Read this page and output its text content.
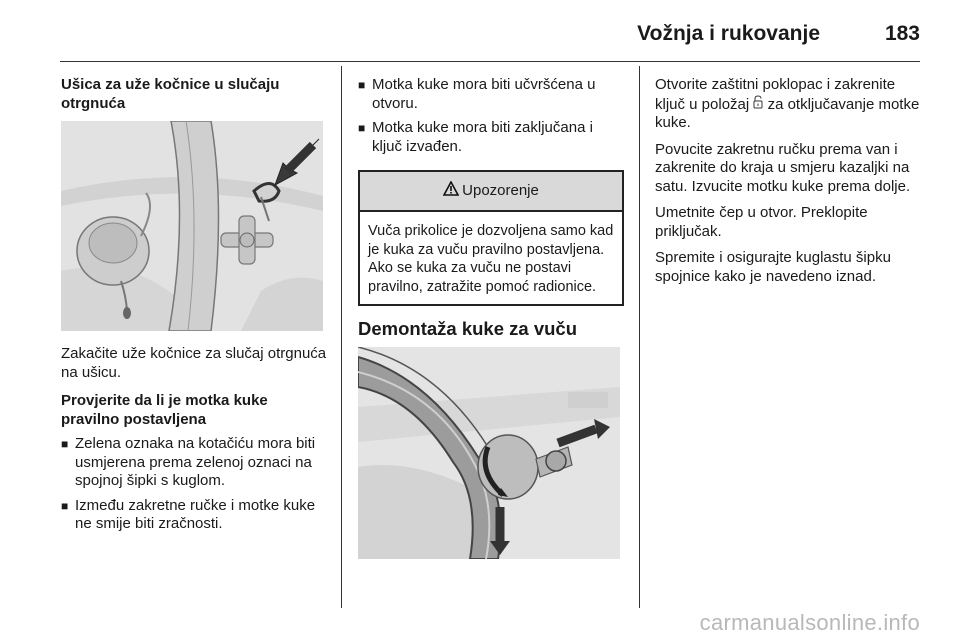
Vožnja i rukovanje	183
Ušica za uže kočnice u slučaju otrgnuća

Zakačite uže kočnice za slučaj otrgnuća na ušicu.

Provjerite da li je motka kuke pravilno postavljena
■ Zelena oznaka na kotačiću mora biti usmjerena prema zelenoj oznaci na spojnoj šipki s kuglom.
■ Između zakretne ručke i motke kuke ne smije biti zračnosti.
■ Motka kuke mora biti učvršćena u otvoru.
■ Motka kuke mora biti zaključana i ključ izvađen.
Upozorenje
Vuča prikolice je dozvoljena samo kad je kuka za vuču pravilno postavljena. Ako se kuka za vuču ne postavi pravilno, zatražite pomoć radionice.
Demontaža kuke za vuču

Otvorite zaštitni poklopac i zakrenite ključ u položaj za otključavanje motke kuke.

Povucite zakretnu ručku prema van i zakrenite do kraja u smjeru kazaljki na satu. Izvucite motku kuke prema dolje.

Umetnite čep u otvor. Preklopite priključak.

Spremite i osigurajte kuglastu šipku spojnice kako je navedeno iznad.

carmanualsonline.info
